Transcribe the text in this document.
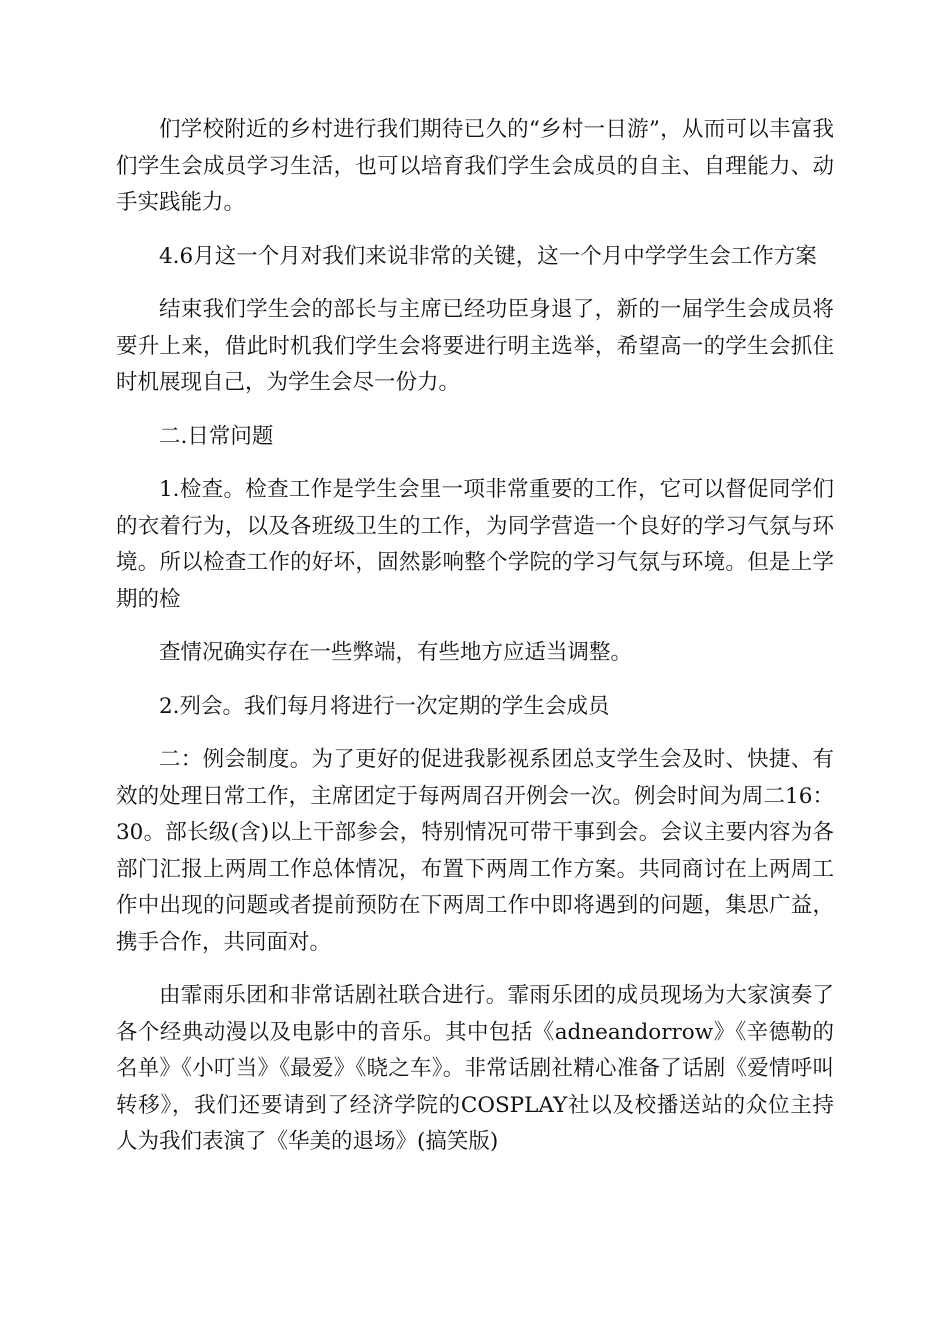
们学校附近的乡村进行我们期待已久的“乡村一日游”，从而可以丰富我们学生会成员学习生活，也可以培育我们学生会成员的自主、自理能力、动手实践能力。

4.6月这一个月对我们来说非常的关键，这一个月中学学生会工作方案

结束我们学生会的部长与主席已经功臣身退了，新的一届学生会成员将要升上来，借此时机我们学生会将要进行明主选举，希望高一的学生会抓住时机展现自己，为学生会尽一份力。

二.日常问题

1.检查。检查工作是学生会里一项非常重要的工作，它可以督促同学们的衣着行为，以及各班级卫生的工作，为同学营造一个良好的学习气氛与环境。所以检查工作的好坏，固然影响整个学院的学习气氛与环境。但是上学期的检

查情况确实存在一些弊端，有些地方应适当调整。

2.列会。我们每月将进行一次定期的学生会成员

二：例会制度。为了更好的促进我影视系团总支学生会及时、快捷、有效的处理日常工作，主席团定于每两周召开例会一次。例会时间为周二16：30。部长级(含)以上干部参会，特别情况可带干事到会。会议主要内容为各部门汇报上两周工作总体情况，布置下两周工作方案。共同商讨在上两周工作中出现的问题或者提前预防在下两周工作中即将遇到的问题，集思广益，携手合作，共同面对。

由霏雨乐团和非常话剧社联合进行。霏雨乐团的成员现场为大家演奏了各个经典动漫以及电影中的音乐。其中包括《adneandorrow》《辛德勒的名单》《小叮当》《最爱》《晓之车》。非常话剧社精心准备了话剧《爱情呼叫转移》，我们还要请到了经济学院的COSPLAY社以及校播送站的众位主持人为我们表演了《华美的退场》(搞笑版)
